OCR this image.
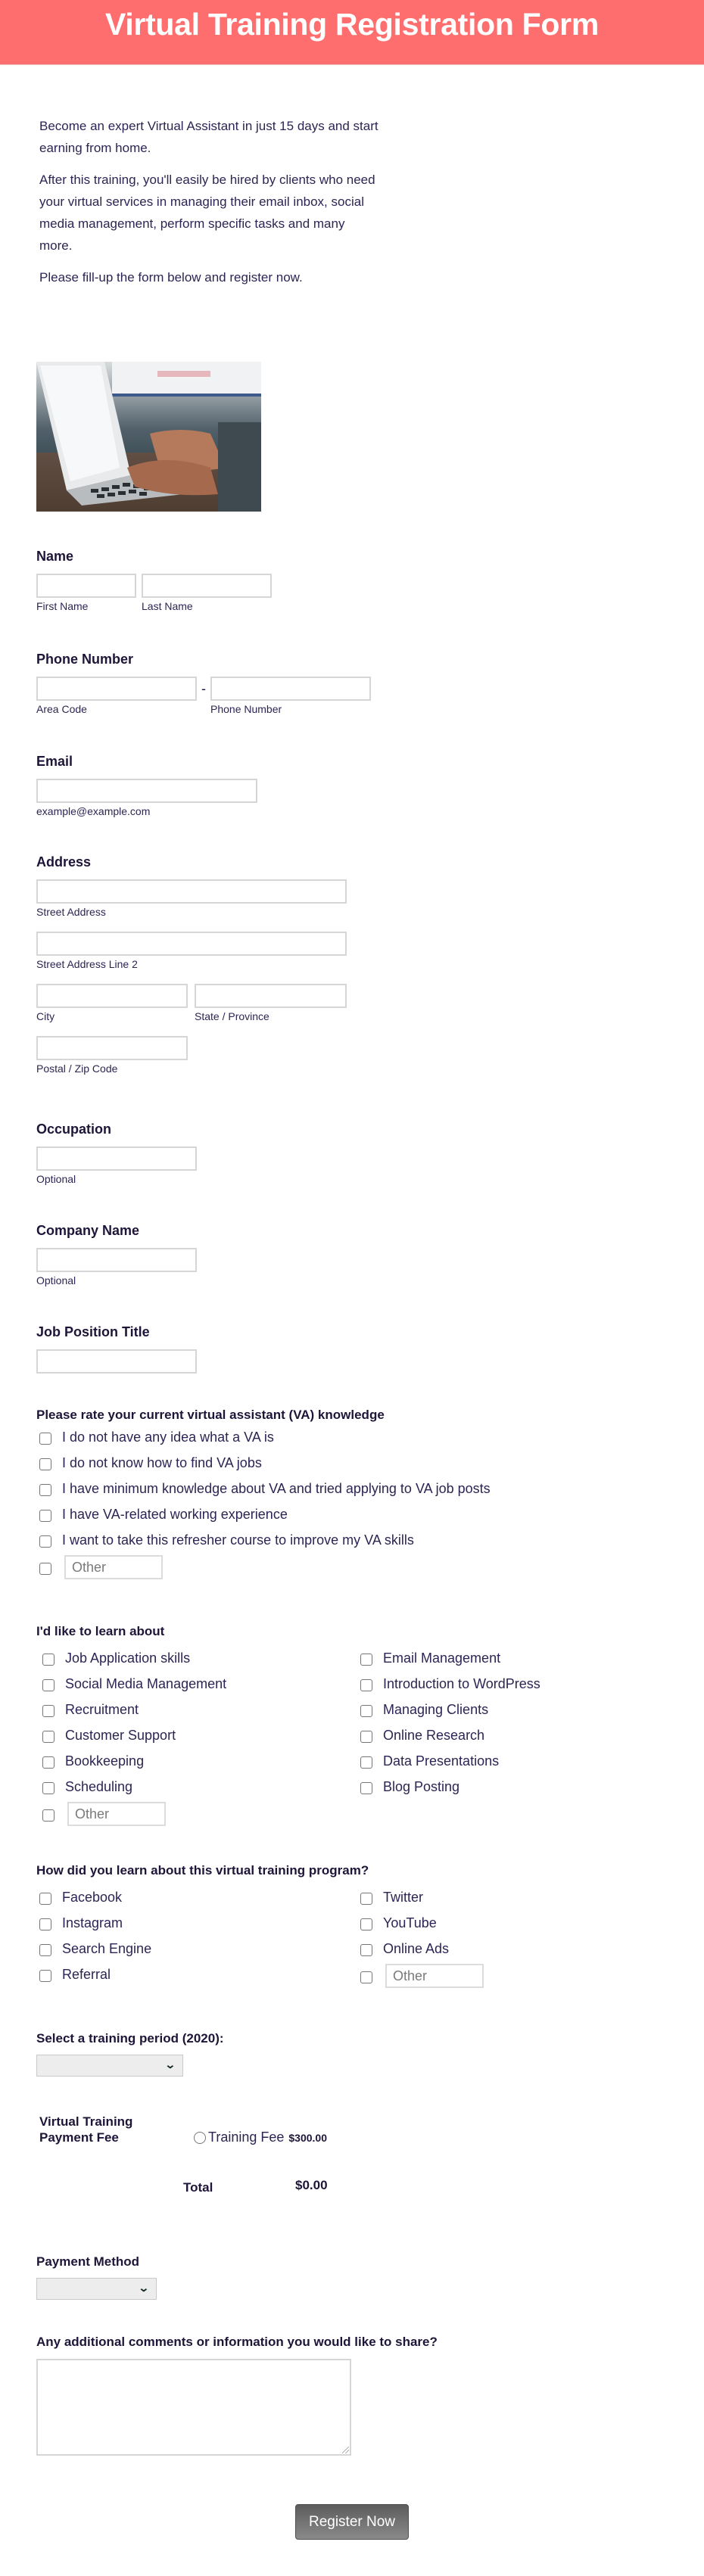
Virtual Training Registration Form

Become an expert Virtual Assistant in just 15 days and start earning from home.

After this training, you'll easily be hired by clients who need your virtual services in managing their email inbox, social media management, perform specific tasks and many more.

Please fill-up the form below and register now.

Name
First Name	Last Name
Phone Number
Area Code
-
Phone Number
Email
example@example.com
Address
Street Address
Street Address Line 2
City	State / Province
Postal / Zip Code
Occupation
Optional
Company Name
Optional
Job Position Title
Please rate your current virtual assistant (VA) knowledge
I do not have any idea what a VA is
I do not know how to find VA jobs
I have minimum knowledge about VA and tried applying to VA job posts
I have VA-related working experience
I want to take this refresher course to improve my VA skills
Other
I'd like to learn about
Job Application skills
Social Media Management
Recruitment
Customer Support
Bookkeeping
Scheduling
Other
Email Management
Introduction to WordPress
Managing Clients
Online Research
Data Presentations
Blog Posting
How did you learn about this virtual training program?
Facebook
Instagram
Search Engine
Referral
Twitter
YouTube
Online Ads
Other
Select a training period (2020):
⌄
Virtual Training
Payment Fee	Training Fee $300.00
Total	$0.00
Payment Method
⌄
Any additional comments or information you would like to share?
Register Now
